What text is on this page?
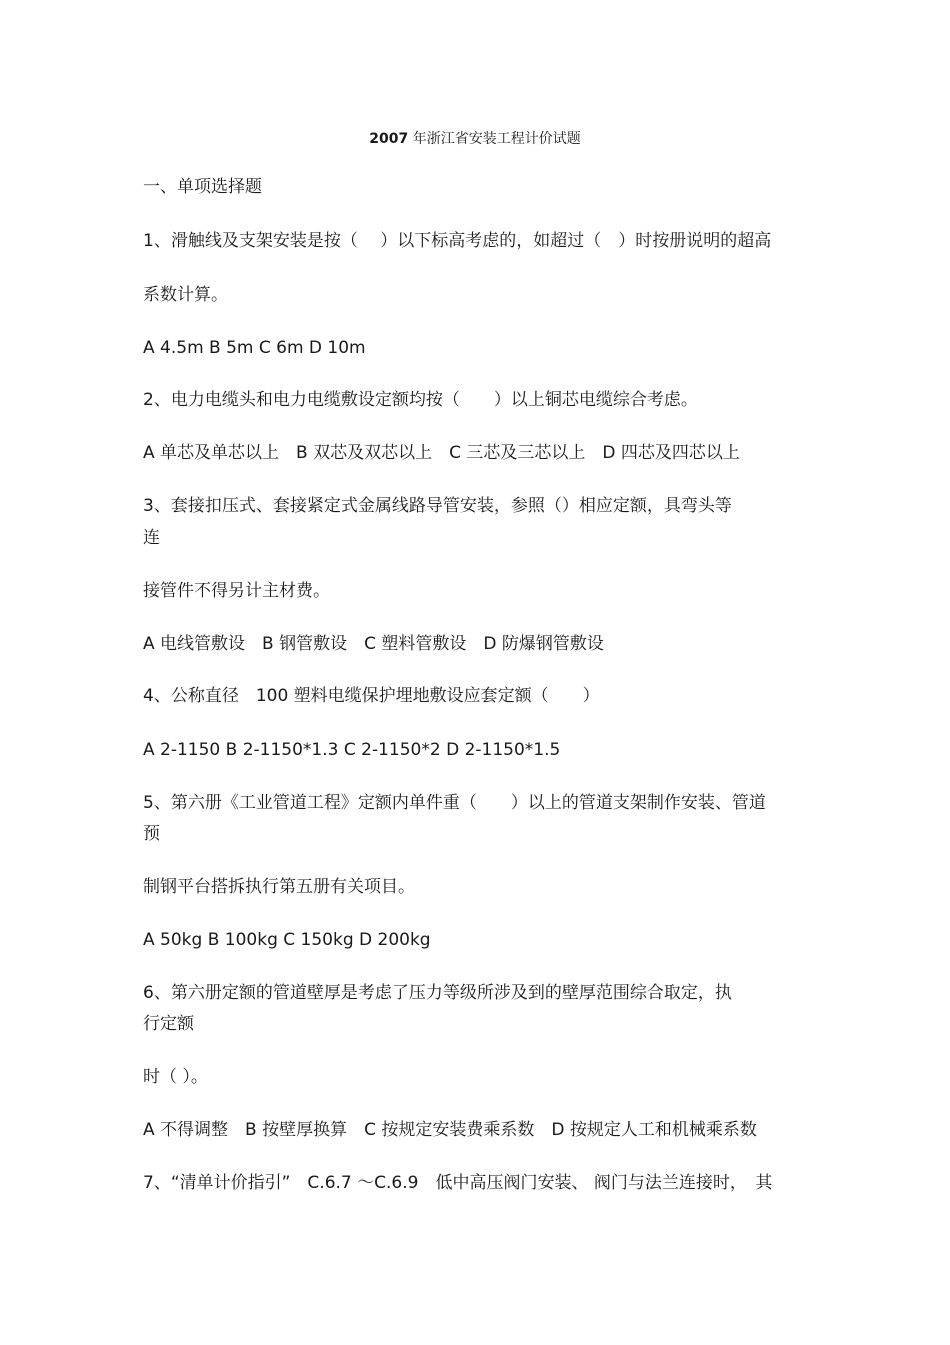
2007 年浙江省安装工程计价试题
一、单项选择题
1、滑触线及支架安装是按（　 ）以下标高考虑的，如超过（　）时按册说明的超高
系数计算。
A 4.5m B 5m C 6m D 10m
2、电力电缆头和电力电缆敷设定额均按（　　）以上铜芯电缆综合考虑。
A 单芯及单芯以上　B 双芯及双芯以上　C 三芯及三芯以上　D 四芯及四芯以上
3、套接扣压式、套接紧定式金属线路导管安装，参照（）相应定额，具弯头等
连
接管件不得另计主材费。
A 电线管敷设　B 钢管敷设　C 塑料管敷设　D 防爆钢管敷设
4、公称直径　100 塑料电缆保护埋地敷设应套定额（　　）
A 2-1150 B 2-1150*1.3 C 2-1150*2 D 2-1150*1.5
5、第六册《工业管道工程》定额内单件重（　　）以上的管道支架制作安装、管道
预
制钢平台搭拆执行第五册有关项目。
A 50kg B 100kg C 150kg D 200kg
6、第六册定额的管道壁厚是考虑了压力等级所涉及到的壁厚范围综合取定，执
行定额
时（ ）。
A 不得调整　B 按壁厚换算　C 按规定安装费乘系数　D 按规定人工和机械乘系数
7、“清单计价指引”　C.6.7 ～C.6.9　低中高压阀门安装、 阀门与法兰连接时，　其
